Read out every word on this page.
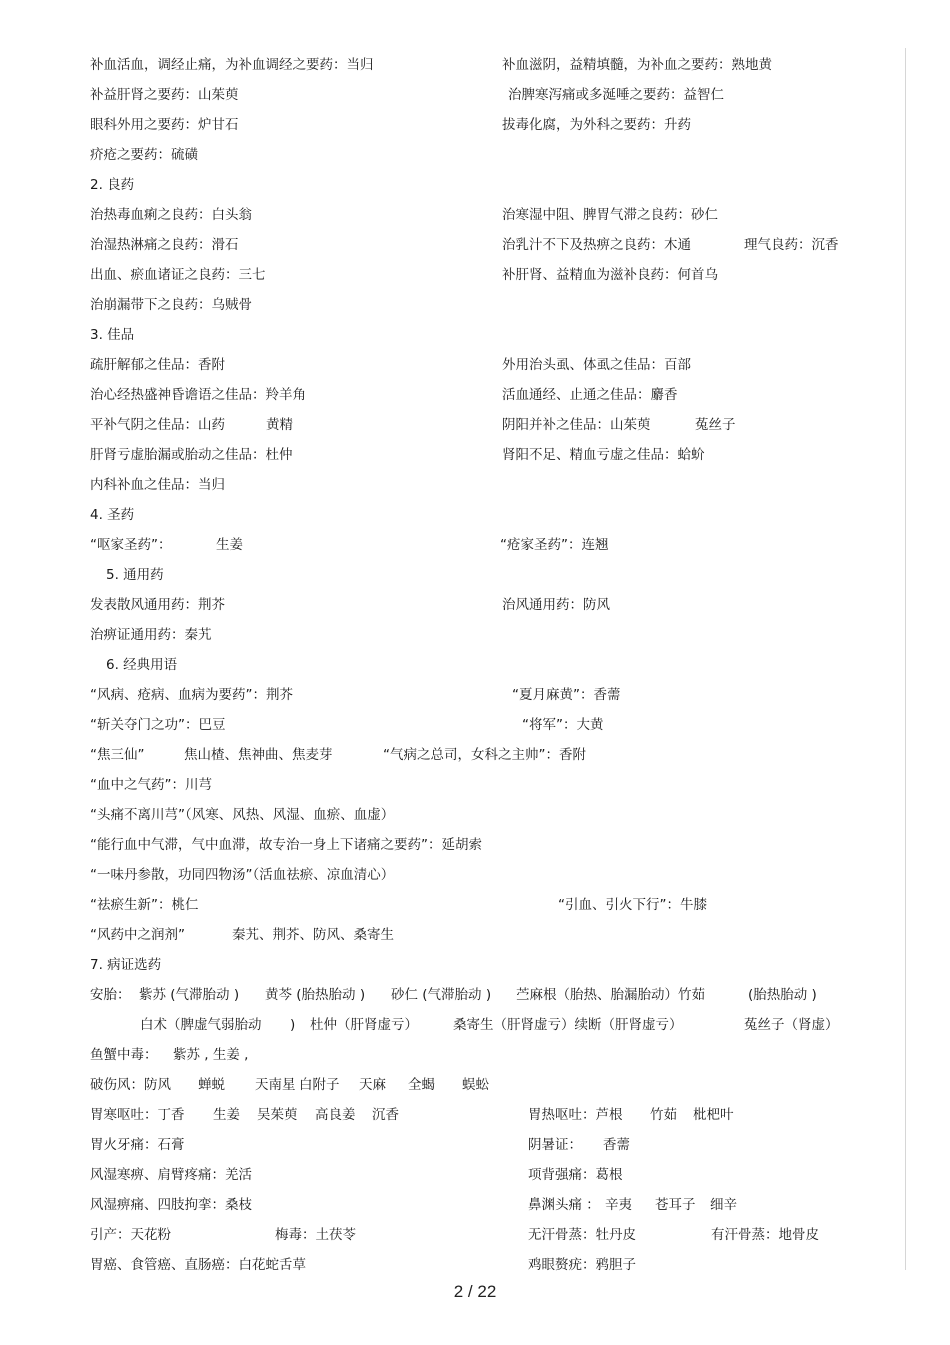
补血活血，调经止痛，为补血调经之要药：当归	补血滋阴，益精填髓，为补血之要药：熟地黄
补益肝肾之要药：山茱萸	治脾寒泻痛或多涎唾之要药：益智仁
眼科外用之要药：炉甘石	拔毒化腐，为外科之要药：升药
疥疮之要药：硫磺
2. 良药
治热毒血痢之良药：白头翁	治寒湿中阻、脾胃气滞之良药：砂仁
治湿热淋痛之良药：滑石	治乳汁不下及热痹之良药：木通	理气良药：沉香
出血、瘀血诸证之良药：三七	补肝肾、益精血为滋补良药：何首乌
治崩漏带下之良药：乌贼骨
3. 佳品
疏肝解郁之佳品：香附	外用治头虱、体虱之佳品：百部
治心经热盛神昏谵语之佳品：羚羊角	活血通经、止通之佳品：麝香
平补气阴之佳品：山药	黄精	阴阳并补之佳品：山茱萸	菟丝子
肝肾亏虚胎漏或胎动之佳品：杜仲	肾阳不足、精血亏虚之佳品：蛤蚧
内科补血之佳品：当归
4. 圣药
“呕家圣药”：	生姜	“疮家圣药”：连翘
5. 通用药
发表散风通用药：荆芥	治风通用药：防风
治痹证通用药：秦艽
6. 经典用语
“风病、疮病、血病为要药”：荆芥	“夏月麻黄”：香薷
“斩关夺门之功”：巴豆	“将军”：大黄
“焦三仙”	焦山楂、焦神曲、焦麦芽	“气病之总司，女科之主帅”：香附
“血中之气药”：川芎
“头痛不离川芎”（风寒、风热、风湿、血瘀、血虚）
“能行血中气滞，气中血滞，故专治一身上下诸痛之要药”：延胡索
“一味丹参散，功同四物汤”（活血祛瘀、凉血清心）
“祛瘀生新”：桃仁	“引血、引火下行”：牛膝
“风药中之润剂”	秦艽、荆芥、防风、桑寄生
7. 病证选药
安胎： 紫苏 (气滞胎动 ) 黄芩 (胎热胎动 ) 砂仁 (气滞胎动 ) 苎麻根（胎热、胎漏胎动）竹茹	(胎热胎动 )
白术（脾虚气弱胎动 ) 杜仲（肝肾虚亏）	桑寄生（肝肾虚亏）续断（肝肾虚亏）	菟丝子（肾虚）
鱼蟹中毒： 紫苏 , 生姜 ,
破伤风：防风 蝉蜕 天南星 白附子 天麻 全蝎 蜈蚣
胃寒呕吐：丁香 生姜 吴茱萸 高良姜 沉香	胃热呕吐：芦根 竹茹 枇杷叶
胃火牙痛：石膏	阴暑证： 香薷
风湿寒痹、肩臂疼痛：羌活	项背强痛：葛根
风湿痹痛、四肢拘挛：桑枝	鼻渊头痛 ： 辛夷 苍耳子 细辛
引产：天花粉	梅毒：土茯苓	无汗骨蒸：牡丹皮	有汗骨蒸：地骨皮
胃癌、食管癌、直肠癌：白花蛇舌草	鸡眼赘疣：鸦胆子
2 / 22
